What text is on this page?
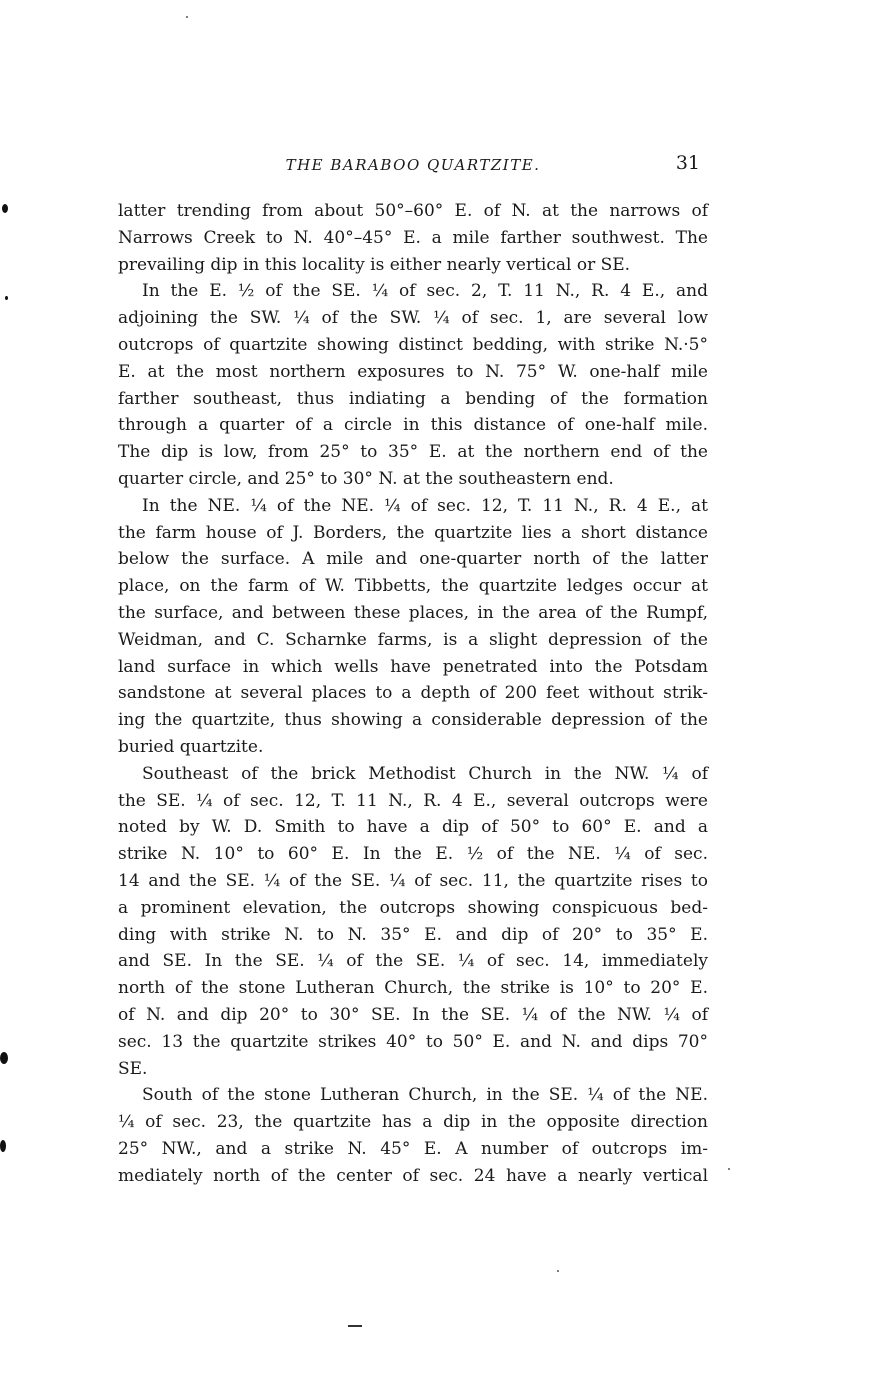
THE BARABOO QUARTZITE.	31
latter trending from about 50°–60° E. of N. at the narrows of
Narrows Creek to N. 40°–45° E. a mile farther southwest. The
prevailing dip in this locality is either nearly vertical or SE.
In the E. ½ of the SE. ¼ of sec. 2, T. 11 N., R. 4 E., and
adjoining the SW. ¼ of the SW. ¼ of sec. 1, are several low
outcrops of quartzite showing distinct bedding, with strike N.·5°
E. at the most northern exposures to N. 75° W. one-half mile
farther southeast, thus indiating a bending of the formation
through a quarter of a circle in this distance of one-half mile.
The dip is low, from 25° to 35° E. at the northern end of the
quarter circle, and 25° to 30° N. at the southeastern end.
In the NE. ¼ of the NE. ¼ of sec. 12, T. 11 N., R. 4 E., at
the farm house of J. Borders, the quartzite lies a short distance
below the surface. A mile and one-quarter north of the latter
place, on the farm of W. Tibbetts, the quartzite ledges occur at
the surface, and between these places, in the area of the Rumpf,
Weidman, and C. Scharnke farms, is a slight depression of the
land surface in which wells have penetrated into the Potsdam
sandstone at several places to a depth of 200 feet without strik-
ing the quartzite, thus showing a considerable depression of the
buried quartzite.
Southeast of the brick Methodist Church in the NW. ¼ of
the SE. ¼ of sec. 12, T. 11 N., R. 4 E., several outcrops were
noted by W. D. Smith to have a dip of 50° to 60° E. and a
strike N. 10° to 60° E. In the E. ½ of the NE. ¼ of sec.
14 and the SE. ¼ of the SE. ¼ of sec. 11, the quartzite rises to
a prominent elevation, the outcrops showing conspicuous bed-
ding with strike N. to N. 35° E. and dip of 20° to 35° E.
and SE. In the SE. ¼ of the SE. ¼ of sec. 14, immediately
north of the stone Lutheran Church, the strike is 10° to 20° E.
of N. and dip 20° to 30° SE. In the SE. ¼ of the NW. ¼ of
sec. 13 the quartzite strikes 40° to 50° E. and N. and dips 70°
SE.
South of the stone Lutheran Church, in the SE. ¼ of the NE.
¼ of sec. 23, the quartzite has a dip in the opposite direction
25° NW., and a strike N. 45° E. A number of outcrops im-
mediately north of the center of sec. 24 have a nearly vertical
